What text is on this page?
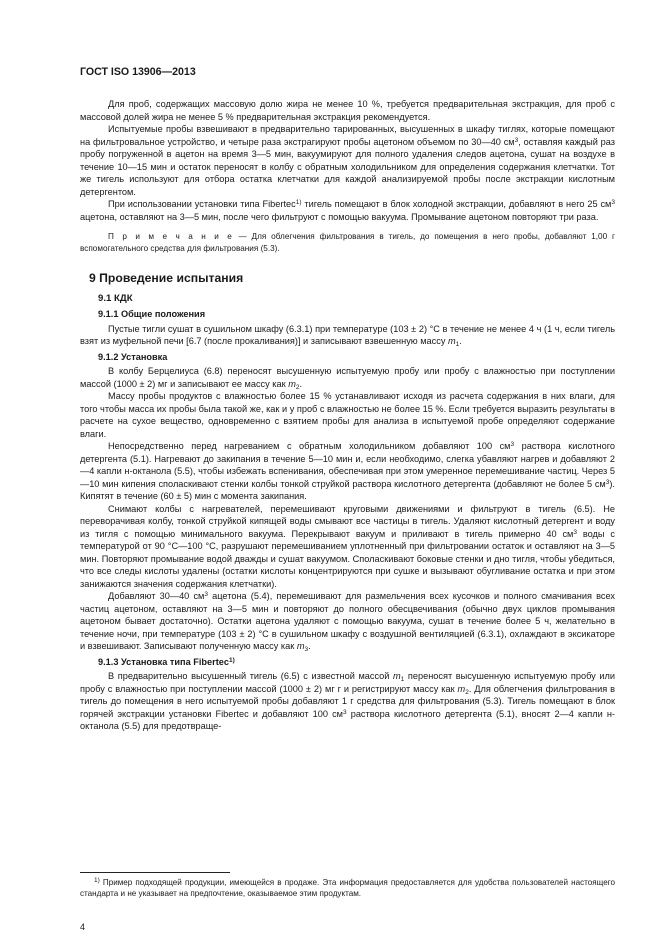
ГОСТ ISO 13906—2013

Для проб, содержащих массовую долю жира не менее 10 %, требуется предварительная экстракция, для проб с массовой долей жира не менее 5 % предварительная экстракция рекомендуется.

Испытуемые пробы взвешивают в предварительно тарированных, высушенных в шкафу тиглях, которые помещают на фильтровальное устройство, и четыре раза экстрагируют пробы ацетоном объемом по 30—40 $см^3$, оставляя каждый раз пробу погруженной в ацетон на время 3—5 мин, вакуумируют для полного удаления следов ацетона, сушат на воздухе в течение 10—15 мин и остаток переносят в колбу с обратным холодильником для определения содержания клетчатки. Тот же тигель используют для отбора остатка клетчатки для каждой анализируемой пробы после экстракции кислотным детергентом.

При использовании установки типа Fibertec$^{1)}$ тигель помещают в блок холодной экстракции, добавляют в него 25 $см^3$ ацетона, оставляют на 3—5 мин, после чего фильтруют с помощью вакуума. Промывание ацетоном повторяют три раза.

П р и м е ч а н и е — Для облегчения фильтрования в тигель, до помещения в него пробы, добавляют 1,00 г вспомогательного средства для фильтрования (5.3).

9 Проведение испытания
9.1 КДК
9.1.1 Общие положения

Пустые тигли сушат в сушильном шкафу (6.3.1) при температуре (103 ± 2) °С в течение не менее 4 ч (1 ч, если тигель взят из муфельной печи [6.7 (после прокаливания)] и записывают взвешенную массу $m_1$.

9.1.2 Установка

В колбу Берцелиуса (6.8) переносят высушенную испытуемую пробу или пробу с влажностью при поступлении массой (1000 ± 2) мг и записывают ее массу как $m_2$.

Массу пробы продуктов с влажностью более 15 % устанавливают исходя из расчета содержания в них влаги, для того чтобы масса их пробы была такой же, как и у проб с влажностью не более 15 %. Если требуется выразить результаты в расчете на сухое вещество, одновременно с взятием пробы для анализа в испытуемой пробе определяют содержание влаги.

Непосредственно перед нагреванием с обратным холодильником добавляют 100 $см^3$ раствора кислотного детергента (5.1). Нагревают до закипания в течение 5—10 мин и, если необходимо, слегка убавляют нагрев и добавляют 2—4 капли н-октанола (5.5), чтобы избежать вспенивания, обеспечивая при этом умеренное перемешивание частиц. Через 5—10 мин кипения споласкивают стенки колбы тонкой струйкой раствора кислотного детергента (добавляют не более 5 $см^3$). Кипятят в течение (60 ± 5) мин с момента закипания.

Снимают колбы с нагревателей, перемешивают круговыми движениями и фильтруют в тигель (6.5). Не переворачивая колбу, тонкой струйкой кипящей воды смывают все частицы в тигель. Удаляют кислотный детергент и воду из тигля с помощью минимального вакуума. Перекрывают вакуум и приливают в тигель примерно 40 $см^3$ воды с температурой от 90 °С—100 °С, разрушают перемешиванием уплотненный при фильтровании остаток и оставляют на 3—5 мин. Повторяют промывание водой дважды и сушат вакуумом. Споласкивают боковые стенки и дно тигля, чтобы убедиться, что все следы кислоты удалены (остатки кислоты концентрируются при сушке и вызывают обугливание остатка и при этом занижаются значения содержания клетчатки).

Добавляют 30—40 $см^3$ ацетона (5.4), перемешивают для размельчения всех кусочков и полного смачивания всех частиц ацетоном, оставляют на 3—5 мин и повторяют до полного обесцвечивания (обычно двух циклов промывания ацетоном бывает достаточно). Остатки ацетона удаляют с помощью вакуума, сушат в течение более 5 ч, желательно в течение ночи, при температуре (103 ± 2) °С в сушильном шкафу с воздушной вентиляцией (6.3.1), охлаждают в эксикаторе и взвешивают. Записывают полученную массу как $m_3$.

9.1.3 Установка типа Fibertec$^{1)}$

В предварительно высушенный тигель (6.5) с известной массой $m_1$ переносят высушенную испытуемую пробу или пробу с влажностью при поступлении массой (1000 ± 2) мг г и регистрируют массу как $m_2$. Для облегчения фильтрования в тигель до помещения в него испытуемой пробы добавляют 1 г средства для фильтрования (5.3). Тигель помещают в блок горячей экстракции установки Fibertec и добавляют 100 $см^3$ раствора кислотного детергента (5.1), вносят 2—4 капли н-октанола (5.5) для предотвраще-

$^{1)}$ Пример подходящей продукции, имеющейся в продаже. Эта информация предоставляется для удобства пользователей настоящего стандарта и не указывает на предпочтение, оказываемое этим продуктам.

4
